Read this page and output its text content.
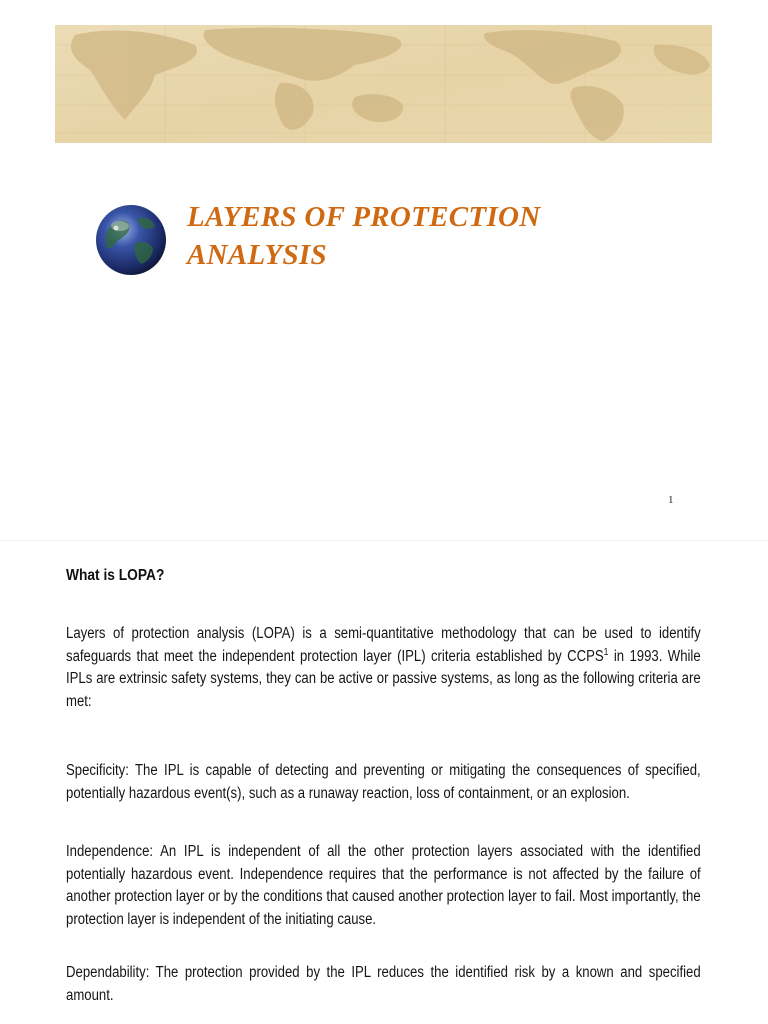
LAYERS OF PROTECTION
ANALYSIS
1
What is LOPA?

Layers of protection analysis (LOPA) is a semi-quantitative methodology that can be used to identify safeguards that meet the independent protection layer (IPL) criteria established by CCPS$^1$ in 1993. While IPLs are extrinsic safety systems, they can be active or passive systems, as long as the following criteria are met:

Specificity: The IPL is capable of detecting and preventing or mitigating the consequences of specified, potentially hazardous event(s), such as a runaway reaction, loss of containment, or an explosion.

Independence: An IPL is independent of all the other protection layers associated with the identified potentially hazardous event. Independence requires that the performance is not affected by the failure of another protection layer or by the conditions that caused another protection layer to fail. Most importantly, the protection layer is independent of the initiating cause.

Dependability: The protection provided by the IPL reduces the identified risk by a known and specified amount.
